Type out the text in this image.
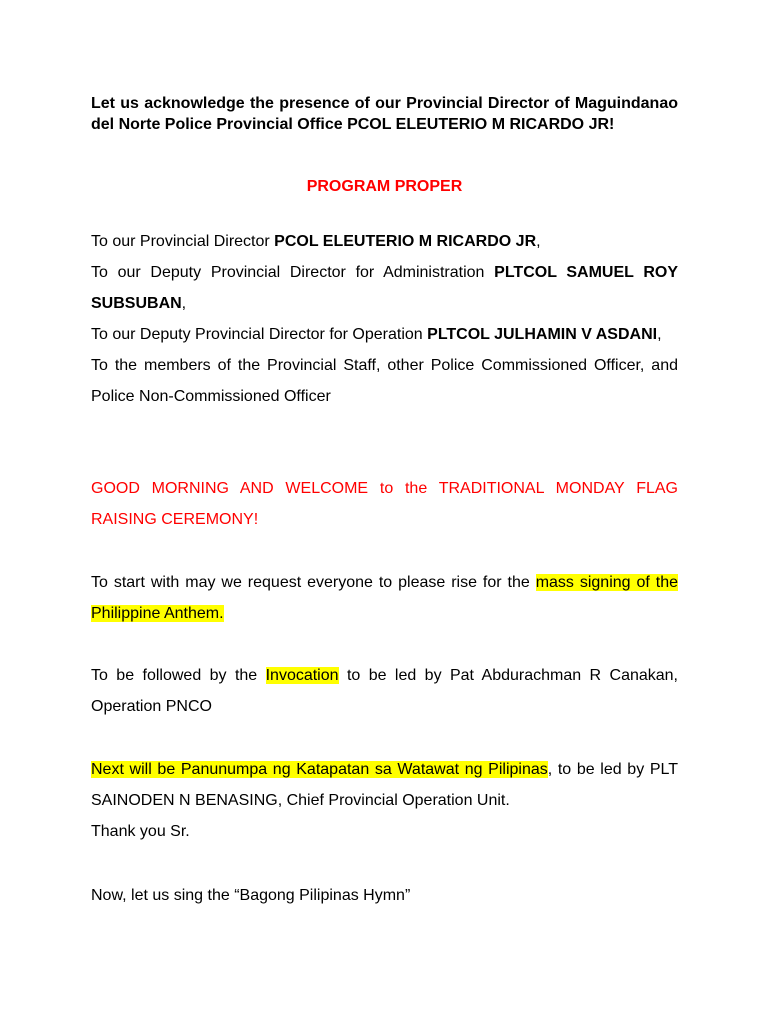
Let us acknowledge the presence of our Provincial Director of Maguindanao del Norte Police Provincial Office PCOL ELEUTERIO M RICARDO JR!
PROGRAM PROPER
To our Provincial Director PCOL ELEUTERIO M RICARDO JR,
To our Deputy Provincial Director for Administration PLTCOL SAMUEL ROY SUBSUBAN,
To our Deputy Provincial Director for Operation PLTCOL JULHAMIN V ASDANI,
To the members of the Provincial Staff, other Police Commissioned Officer, and Police Non-Commissioned Officer
GOOD MORNING AND WELCOME to the TRADITIONAL MONDAY FLAG RAISING CEREMONY!
To start with may we request everyone to please rise for the mass signing of the Philippine Anthem.
To be followed by the Invocation to be led by Pat Abdurachman R Canakan, Operation PNCO
Next will be Panunumpa ng Katapatan sa Watawat ng Pilipinas, to be led by PLT SAINODEN N BENASING, Chief Provincial Operation Unit.
Thank you Sr.
Now, let us sing the “Bagong Pilipinas Hymn”
